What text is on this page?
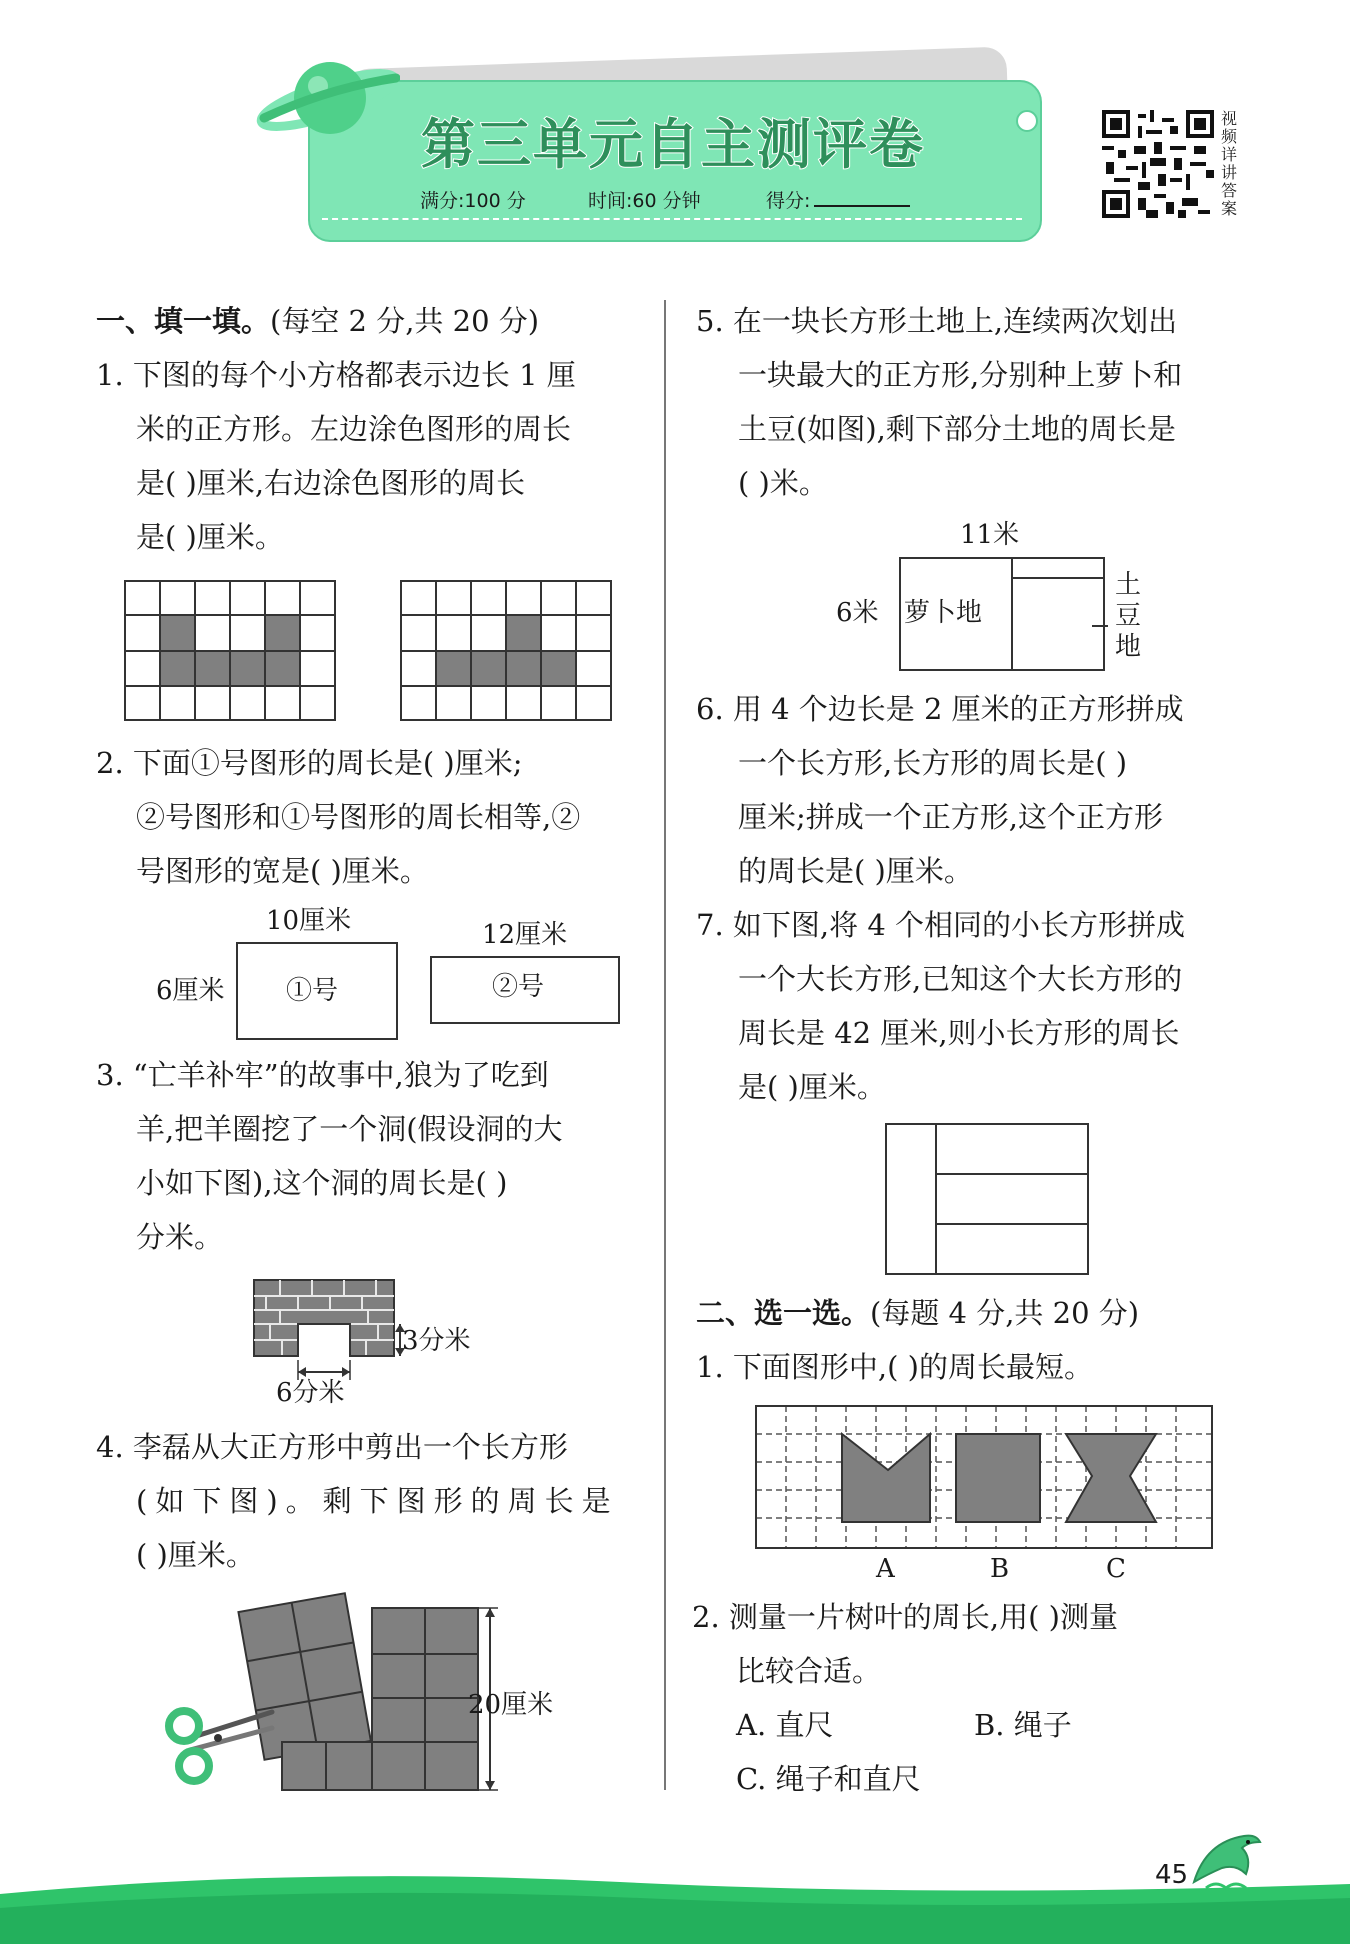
第三单元自主测评卷
满分:100 分	时间:60 分钟	得分:
视频详讲答案
一、填一填。(每空 2 分,共 20 分)
1. 下图的每个小方格都表示边长 1 厘
米的正方形。左边涂色图形的周长
是( )厘米,右边涂色图形的周长
是( )厘米。
2. 下面①号图形的周长是( )厘米;
②号图形和①号图形的周长相等,②
号图形的宽是( )厘米。
10厘米
6厘米 ①号
12厘米
②号
3. “亡羊补牢”的故事中,狼为了吃到
羊,把羊圈挖了一个洞(假设洞的大
小如下图),这个洞的周长是( )
分米。
3分米
6分米
4. 李磊从大正方形中剪出一个长方形
(如下图)。剩下图形的周长是
( )厘米。
20厘米
5. 在一块长方形土地上,连续两次划出
一块最大的正方形,分别种上萝卜和
土豆(如图),剩下部分土地的周长是
( )米。
11米
6米 萝卜地
土
豆
地
6. 用 4 个边长是 2 厘米的正方形拼成
一个长方形,长方形的周长是( )
厘米;拼成一个正方形,这个正方形
的周长是( )厘米。
7. 如下图,将 4 个相同的小长方形拼成
一个大长方形,已知这个大长方形的
周长是 42 厘米,则小长方形的周长
是( )厘米。
二、选一选。(每题 4 分,共 20 分)
1. 下面图形中,( )的周长最短。
A	B	C
2. 测量一片树叶的周长,用( )测量
比较合适。
A. 直尺	B. 绳子
C. 绳子和直尺
45
